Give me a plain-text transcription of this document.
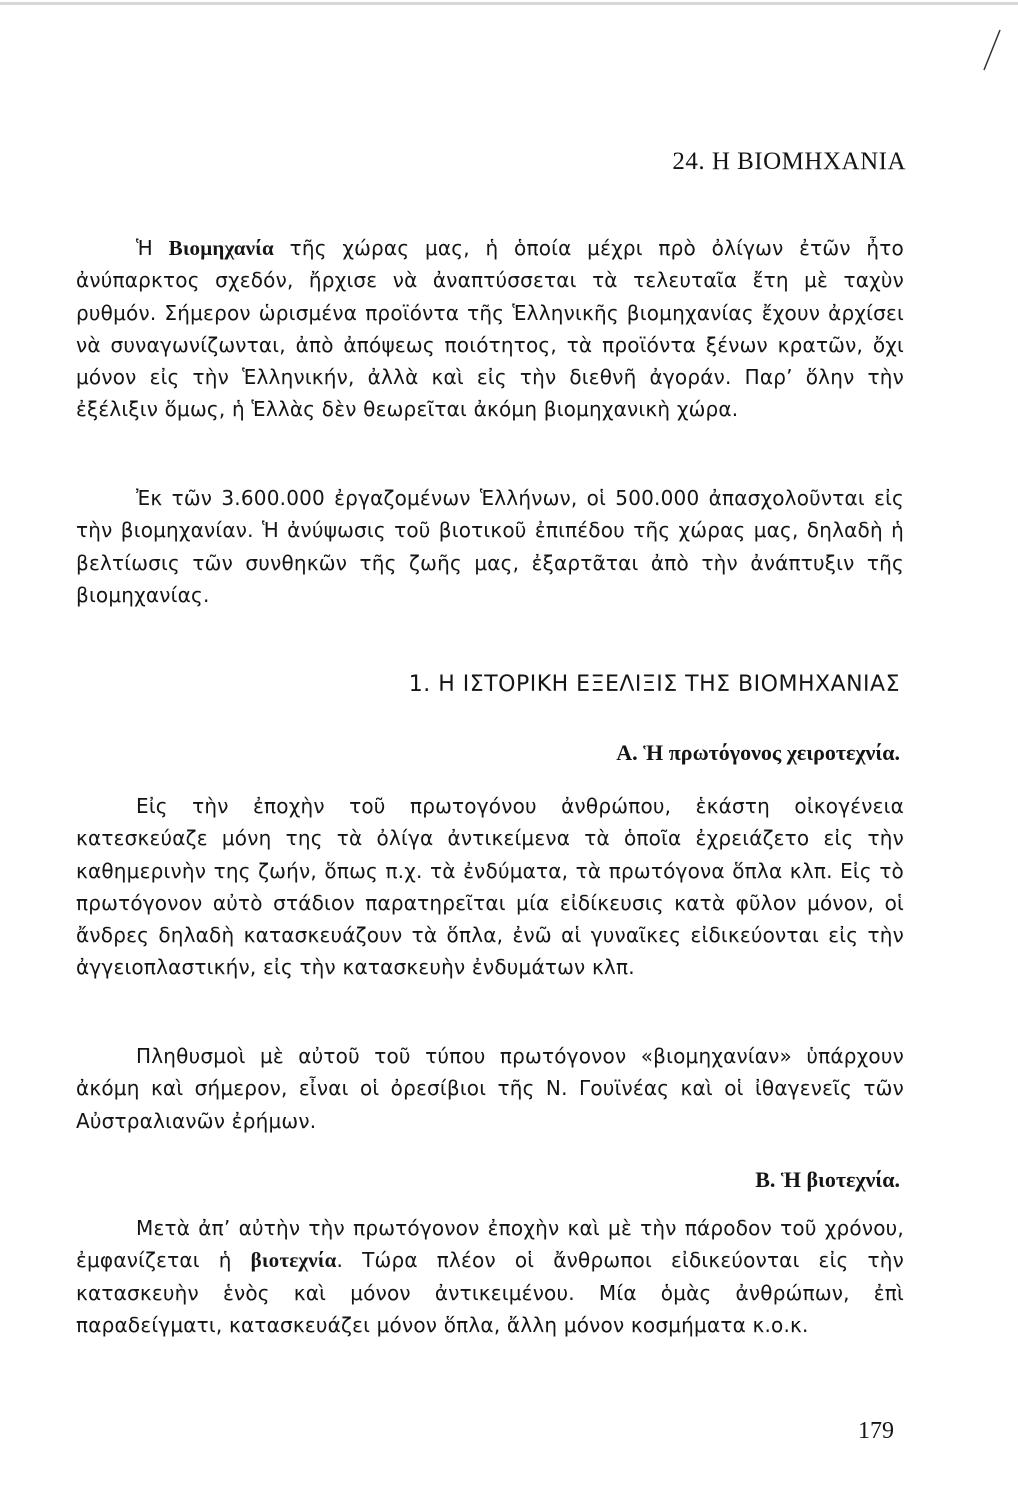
24. Η ΒΙΟΜΗΧΑΝΙΑ

Ἡ Βιομηχανία τῆς χώρας μας, ἡ ὁποία μέχρι πρὸ ὀλίγων ἐτῶν ἦτο ἀνύπαρκτος σχεδόν, ἤρχισε νὰ ἀναπτύσσεται τὰ τελευταῖα ἔτη μὲ ταχὺν ρυθμόν. Σήμερον ὡρισμένα προϊόντα τῆς Ἑλληνικῆς βιομηχανίας ἔχουν ἀρχίσει νὰ συναγωνίζωνται, ἀπὸ ἀπόψεως ποιότητος, τὰ προϊόντα ξένων κρατῶν, ὄχι μόνον εἰς τὴν Ἑλληνικήν, ἀλλὰ καὶ εἰς τὴν διεθνῆ ἀγοράν. Παρ’ ὅλην τὴν ἐξέλιξιν ὅμως, ἡ Ἑλλὰς δὲν θεωρεῖται ἀκόμη βιομηχανικὴ χώρα.

Ἐκ τῶν 3.600.000 ἐργαζομένων Ἑλλήνων, οἱ 500.000 ἀπασχολοῦνται εἰς τὴν βιομηχανίαν. Ἡ ἀνύψωσις τοῦ βιοτικοῦ ἐπιπέδου τῆς χώρας μας, δηλαδὴ ἡ βελτίωσις τῶν συνθηκῶν τῆς ζωῆς μας, ἐξαρτᾶται ἀπὸ τὴν ἀνάπτυξιν τῆς βιομηχανίας.

1. Η ΙΣΤΟΡΙΚΗ ΕΞΕΛΙΞΙΣ ΤΗΣ ΒΙΟΜΗΧΑΝΙΑΣ
Α. Ἡ πρωτόγονος χειροτεχνία.

Εἰς τὴν ἐποχὴν τοῦ πρωτογόνου ἀνθρώπου, ἑκάστη οἰκογένεια κατεσκεύαζε μόνη της τὰ ὀλίγα ἀντικείμενα τὰ ὁποῖα ἐχρειάζετο εἰς τὴν καθημερινὴν της ζωήν, ὅπως π.χ. τὰ ἐνδύματα, τὰ πρωτόγονα ὅπλα κλπ. Εἰς τὸ πρωτόγονον αὐτὸ στάδιον παρατηρεῖται μία εἰδίκευσις κατὰ φῦλον μόνον, οἱ ἄνδρες δηλαδὴ κατασκευάζουν τὰ ὅπλα, ἐνῶ αἱ γυναῖκες εἰδικεύονται εἰς τὴν ἀγγειοπλαστικήν, εἰς τὴν κατασκευὴν ἐνδυμάτων κλπ.

Πληθυσμοὶ μὲ αὐτοῦ τοῦ τύπου πρωτόγονον «βιομηχανίαν» ὑπάρχουν ἀκόμη καὶ σήμερον, εἶναι οἱ ὀρεσίβιοι τῆς Ν. Γουϊνέας καὶ οἱ ἰθαγενεῖς τῶν Αὐστραλιανῶν ἐρήμων.

Β. Ἡ βιοτεχνία.

Μετὰ ἀπ’ αὐτὴν τὴν πρωτόγονον ἐποχὴν καὶ μὲ τὴν πάροδον τοῦ χρόνου, ἐμφανίζεται ἡ βιοτεχνία. Τώρα πλέον οἱ ἄνθρωποι εἰδικεύονται εἰς τὴν κατασκευὴν ἑνὸς καὶ μόνον ἀντικειμένου. Μία ὁμὰς ἀνθρώπων, ἐπὶ παραδείγματι, κατασκευάζει μόνον ὅπλα, ἄλλη μόνον κοσμήματα κ.ο.κ.

179
